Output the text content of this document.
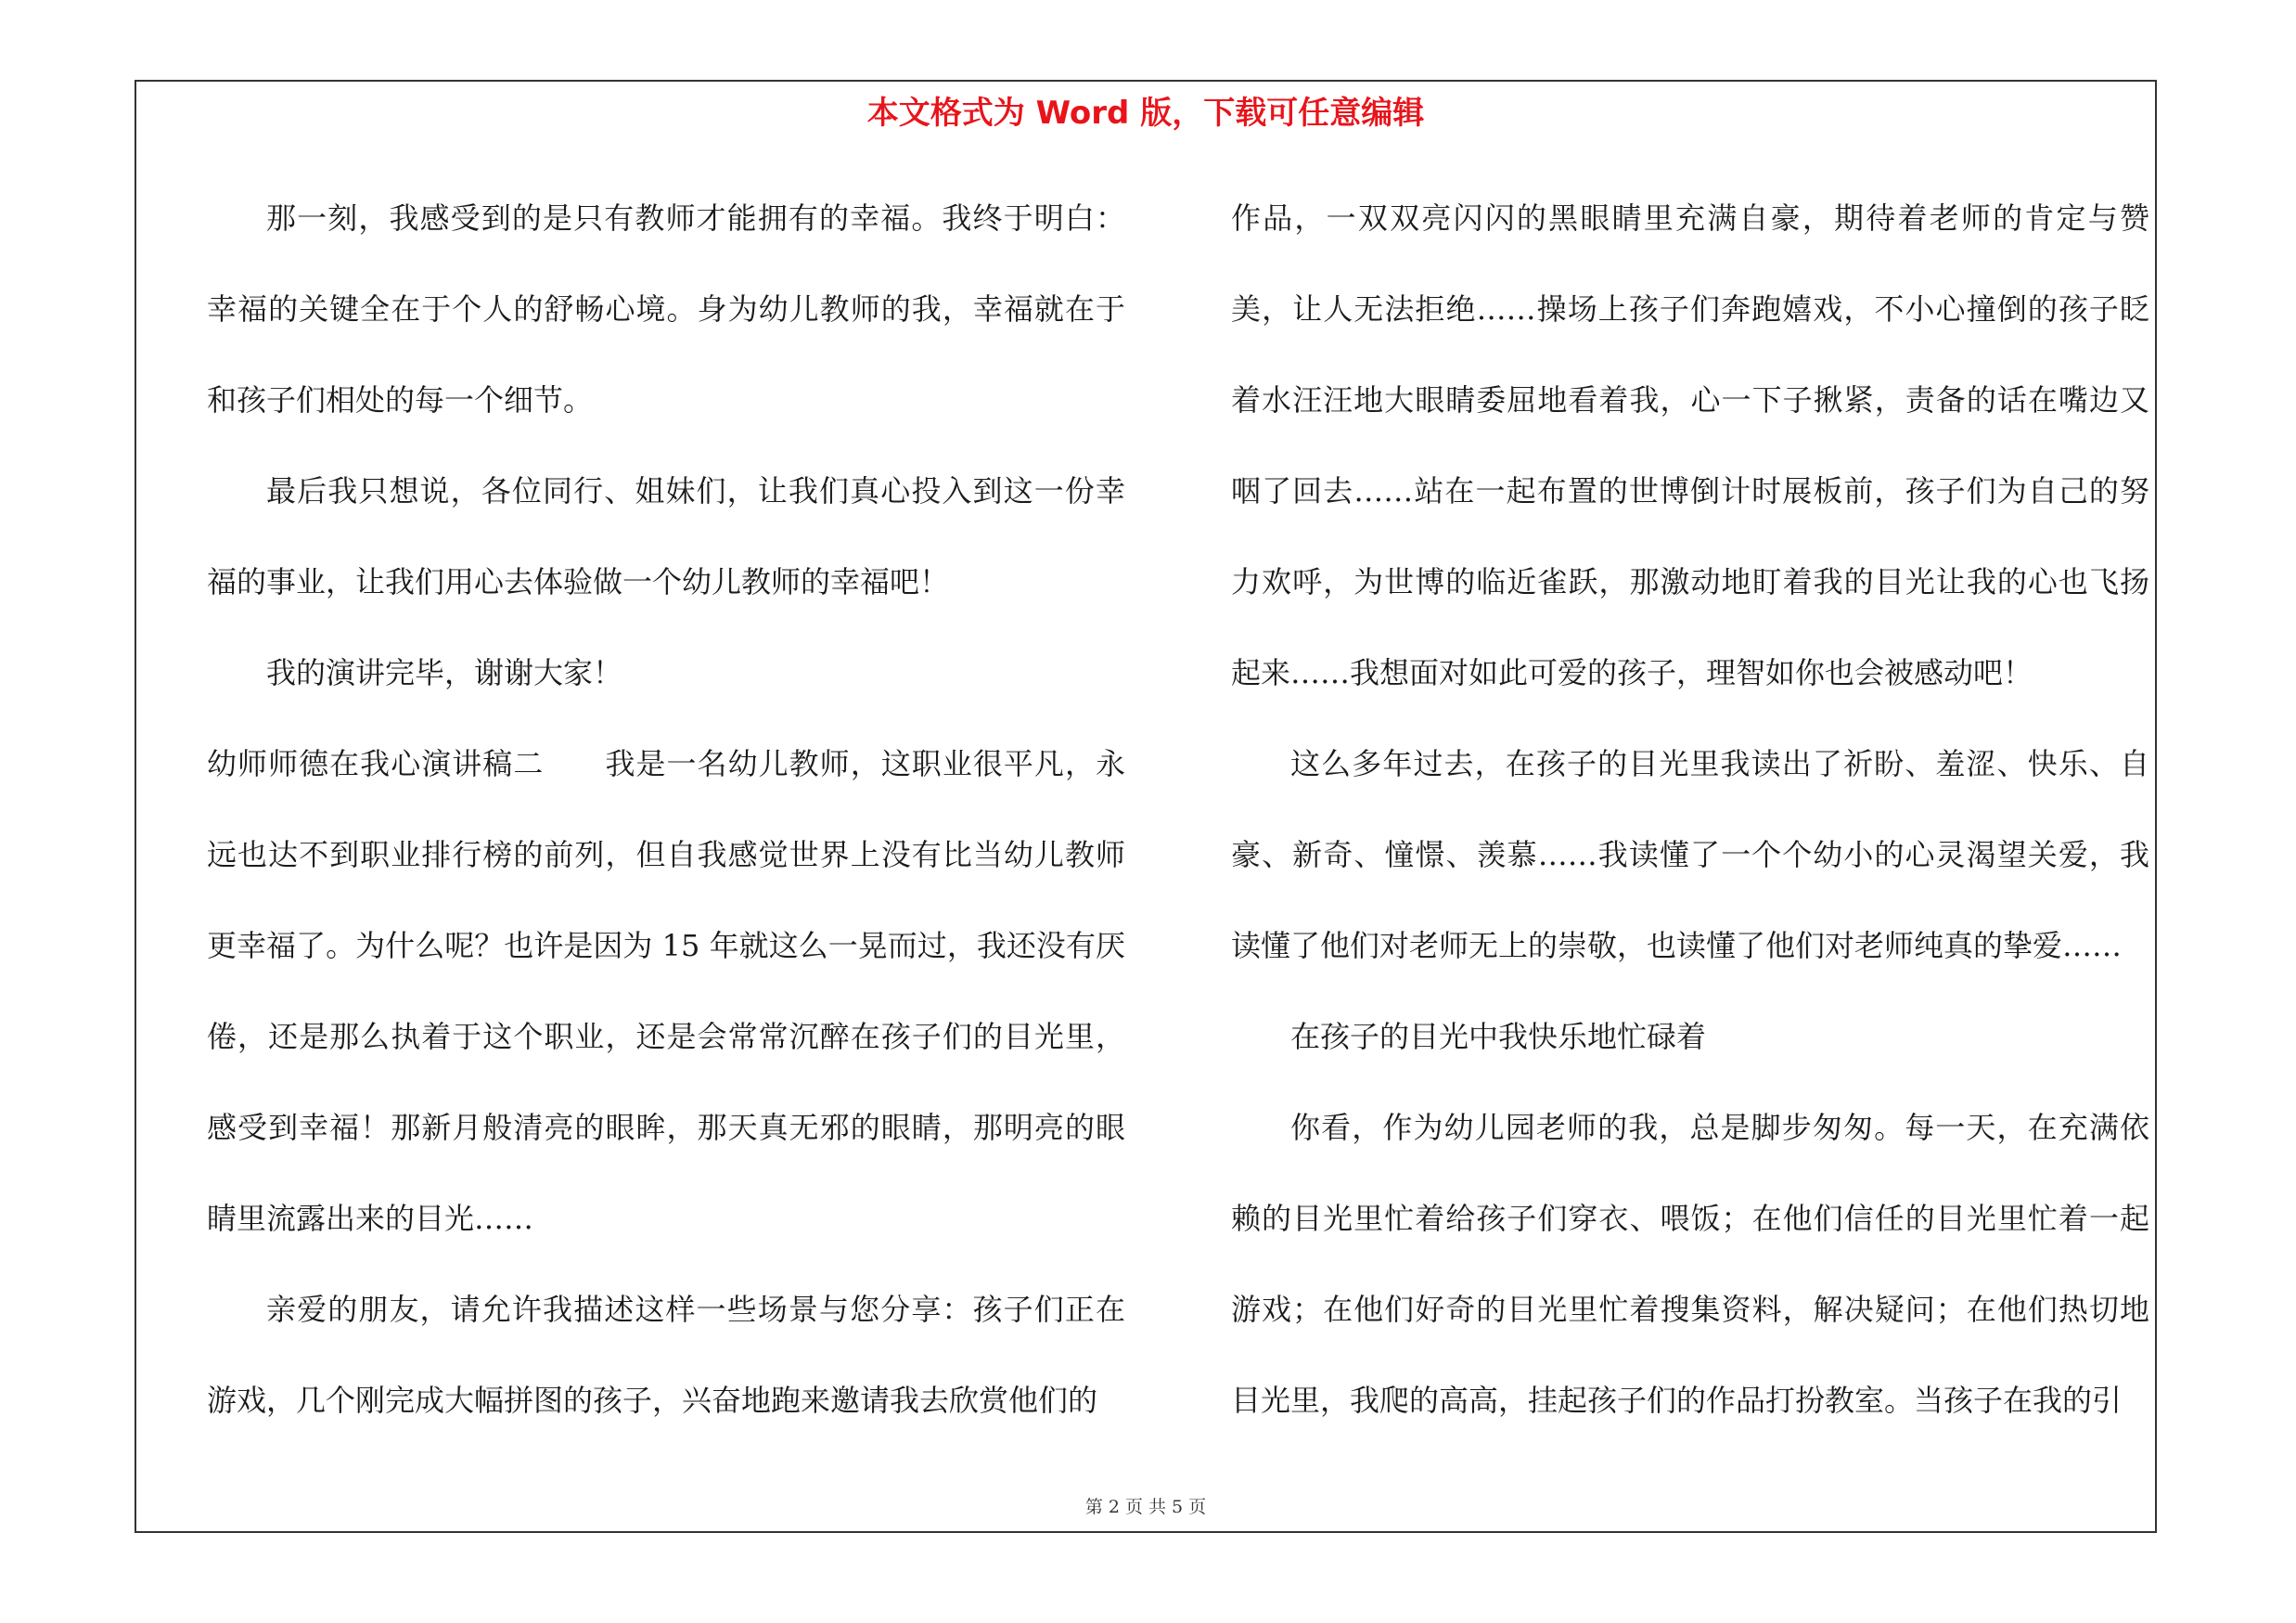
本文格式为 Word 版，下载可任意编辑

那一刻，我感受到的是只有教师才能拥有的幸福。我终于明白：幸福的关键全在于个人的舒畅心境。身为幼儿教师的我，幸福就在于和孩子们相处的每一个细节。

最后我只想说，各位同行、姐妹们，让我们真心投入到这一份幸福的事业，让我们用心去体验做一个幼儿教师的幸福吧！

我的演讲完毕，谢谢大家！

幼师师德在我心演讲稿二　　我是一名幼儿教师，这职业很平凡，永远也达不到职业排行榜的前列，但自我感觉世界上没有比当幼儿教师更幸福了。为什么呢？也许是因为 15 年就这么一晃而过，我还没有厌倦，还是那么执着于这个职业，还是会常常沉醉在孩子们的目光里，感受到幸福！那新月般清亮的眼眸，那天真无邪的眼睛，那明亮的眼睛里流露出来的目光……

亲爱的朋友，请允许我描述这样一些场景与您分享：孩子们正在游戏，几个刚完成大幅拼图的孩子，兴奋地跑来邀请我去欣赏他们的

作品，一双双亮闪闪的黑眼睛里充满自豪，期待着老师的肯定与赞美，让人无法拒绝……操场上孩子们奔跑嬉戏，不小心撞倒的孩子眨着水汪汪地大眼睛委屈地看着我，心一下子揪紧，责备的话在嘴边又咽了回去……站在一起布置的世博倒计时展板前，孩子们为自己的努力欢呼，为世博的临近雀跃，那激动地盯着我的目光让我的心也飞扬起来……我想面对如此可爱的孩子，理智如你也会被感动吧！

这么多年过去，在孩子的目光里我读出了祈盼、羞涩、快乐、自豪、新奇、憧憬、羡慕……我读懂了一个个幼小的心灵渴望关爱，我读懂了他们对老师无上的崇敬，也读懂了他们对老师纯真的挚爱……

在孩子的目光中我快乐地忙碌着

你看，作为幼儿园老师的我，总是脚步匆匆。每一天，在充满依赖的目光里忙着给孩子们穿衣、喂饭；在他们信任的目光里忙着一起游戏；在他们好奇的目光里忙着搜集资料，解决疑问；在他们热切地目光里，我爬的高高，挂起孩子们的作品打扮教室。当孩子在我的引

第 2 页 共 5 页
